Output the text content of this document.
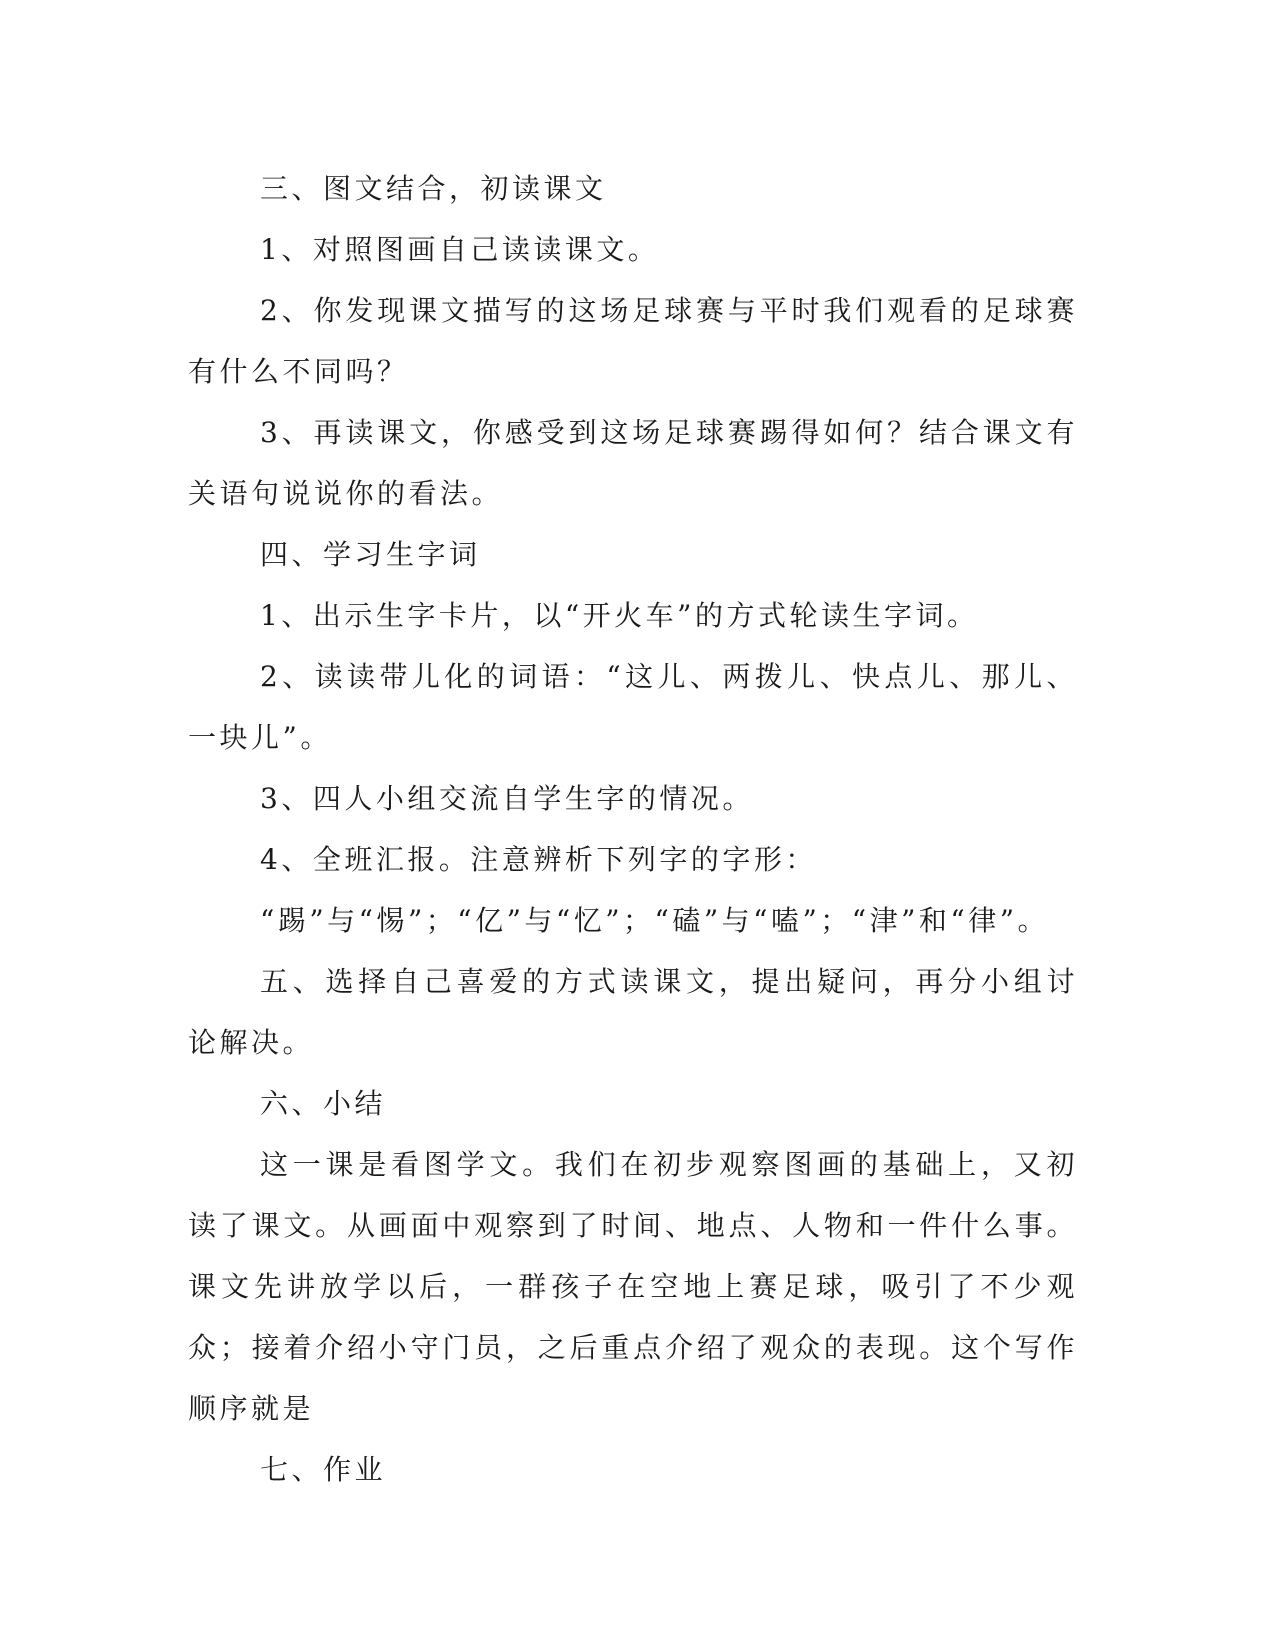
三、图文结合，初读课文

1、对照图画自己读读课文。

2、你发现课文描写的这场足球赛与平时我们观看的足球赛有什么不同吗？

3、再读课文，你感受到这场足球赛踢得如何？结合课文有关语句说说你的看法。

四、学习生字词

1、出示生字卡片，以“开火车”的方式轮读生字词。

2、读读带儿化的词语：“这儿、两拨儿、快点儿、那儿、一块儿”。

3、四人小组交流自学生字的情况。

4、全班汇报。注意辨析下列字的字形：

“踢”与“惕”；“亿”与“忆”；“磕”与“嗑”；“津”和“律”。

五、选择自己喜爱的方式读课文，提出疑问，再分小组讨论解决。

六、小结

这一课是看图学文。我们在初步观察图画的基础上，又初读了课文。从画面中观察到了时间、地点、人物和一件什么事。课文先讲放学以后，一群孩子在空地上赛足球，吸引了不少观众；接着介绍小守门员，之后重点介绍了观众的表现。这个写作顺序就是

七、作业
